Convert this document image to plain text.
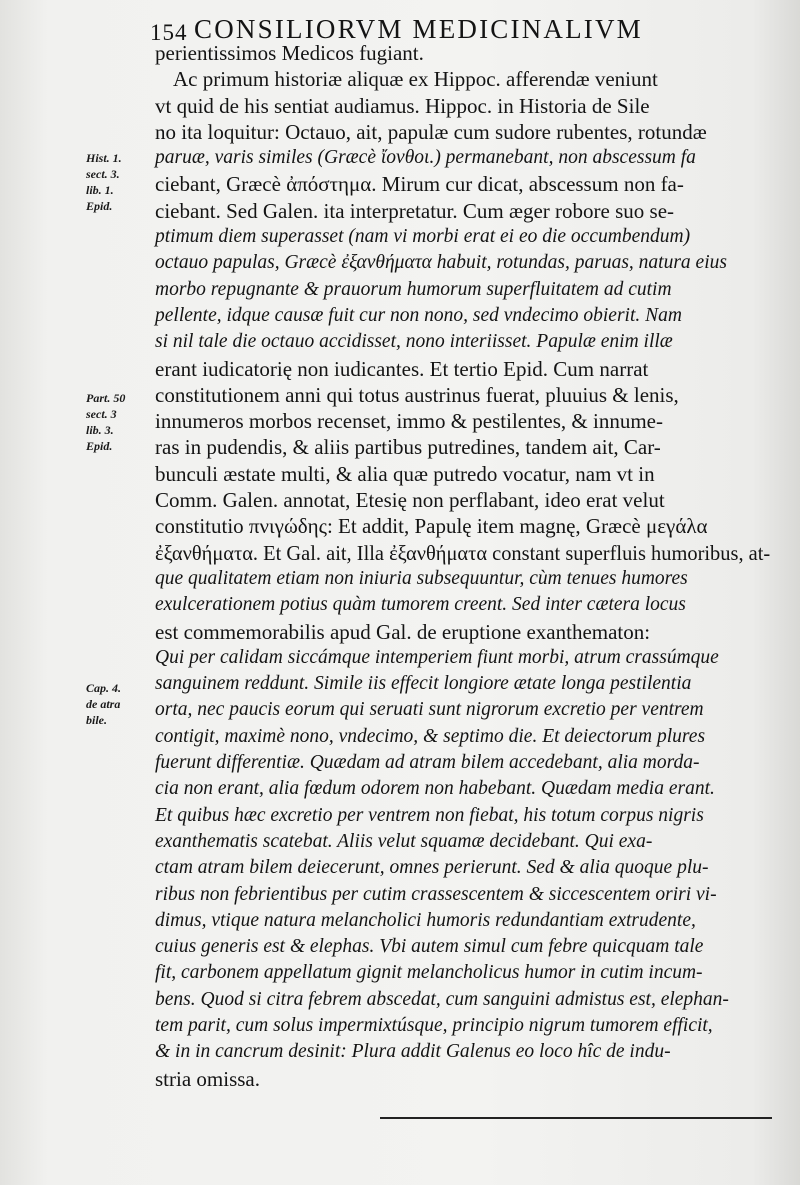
154 CONSILIORVM MEDICINALIVM
Hist. 1.
sect. 3.
lib. 1.
Epid.
Part. 50
sect. 3
lib. 3.
Epid.
Cap. 4.
de atra
bile.
perientissimos Medicos fugiant.
Ac primum historiæ aliquæ ex Hippoc. afferendæ veniunt
vt quid de his sentiat audiamus. Hippoc. in Historia de Sile
no ita loquitur: Octauo, ait, papulæ cum sudore rubentes, rotundæ
paruæ, varis similes (Græcè ἴονθοι.) permanebant, non abscessum fa
ciebant, Græcè ἀπόστημα. Mirum cur dicat, abscessum non fa-
ciebant. Sed Galen. ita interpretatur. Cum æger robore suo se-
ptimum diem superasset (nam vi morbi erat ei eo die occumbendum)
octauo papulas, Græcè ἐξανθήματα habuit, rotundas, paruas, natura eius
morbo repugnante & prauorum humorum superfluitatem ad cutim
pellente, idque causæ fuit cur non nono, sed vndecimo obierit. Nam
si nil tale die octauo accidisset, nono interiisset. Papulæ enim illæ
erant iudicatorię non iudicantes. Et tertio Epid. Cum narrat
constitutionem anni qui totus austrinus fuerat, pluuius & lenis,
innumeros morbos recenset, immo & pestilentes, & innume-
ras in pudendis, & aliis partibus putredines, tandem ait, Car-
bunculi æstate multi, & alia quæ putredo vocatur, nam vt in
Comm. Galen. annotat, Etesię non perflabant, ideo erat velut
constitutio πνιγώδης: Et addit, Papulę item magnę, Græcè μεγάλα
ἐξανθήματα. Et Gal. ait, Illa ἐξανθήματα constant superfluis humoribus, at-
que qualitatem etiam non iniuria subsequuntur, cùm tenues humores
exulcerationem potius quàm tumorem creent. Sed inter cætera locus
est commemorabilis apud Gal. de eruptione exanthematon:
Qui per calidam siccámque intemperiem fiunt morbi, atrum crassúmque
sanguinem reddunt. Simile iis effecit longiore ætate longa pestilentia
orta, nec paucis eorum qui seruati sunt nigrorum excretio per ventrem
contigit, maximè nono, vndecimo, & septimo die. Et deiectorum plures
fuerunt differentiæ. Quædam ad atram bilem accedebant, alia morda-
cia non erant, alia fœdum odorem non habebant. Quædam media erant.
Et quibus hæc excretio per ventrem non fiebat, his totum corpus nigris
exanthematis scatebat. Aliis velut squamæ decidebant. Qui exa-
ctam atram bilem deiecerunt, omnes perierunt. Sed & alia quoque plu-
ribus non febrientibus per cutim crassescentem & siccescentem oriri vi-
dimus, vtique natura melancholici humoris redundantiam extrudente,
cuius generis est & elephas. Vbi autem simul cum febre quicquam tale
fit, carbonem appellatum gignit melancholicus humor in cutim incum-
bens. Quod si citra febrem abscedat, cum sanguini admistus est, elephan-
tem parit, cum solus impermixtúsque, principio nigrum tumorem efficit,
& in in cancrum desinit: Plura addit Galenus eo loco hîc de indu-
stria omissa.
